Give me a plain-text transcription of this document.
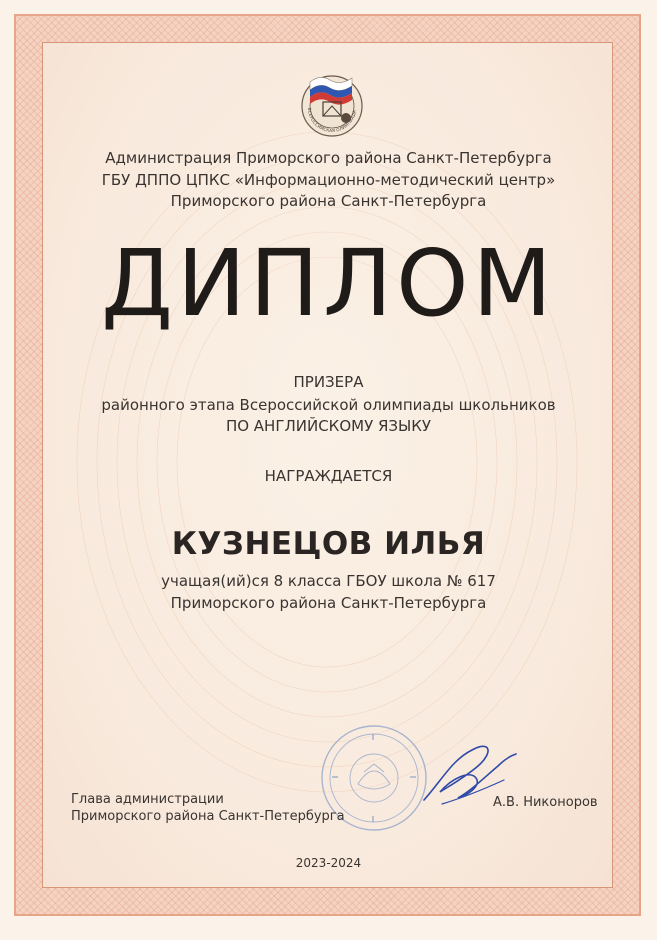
ВСЕРОССИЙСКАЯ ОЛИМПИАДА
Администрация Приморского района Санкт-Петербурга
ГБУ ДППО ЦПКС «Информационно-методический центр»
Приморского района Санкт-Петербурга
ДИПЛОМ
ПРИЗЕРА
районного этапа Всероссийской олимпиады школьников
ПО АНГЛИЙСКОМУ ЯЗЫКУ
НАГРАЖДАЕТСЯ
КУЗНЕЦОВ ИЛЬЯ
учащая(ий)ся 8 класса ГБОУ школа № 617
Приморского района Санкт-Петербурга
Глава администрации
Приморского района Санкт-Петербурга
А.В. Никоноров
2023-2024
